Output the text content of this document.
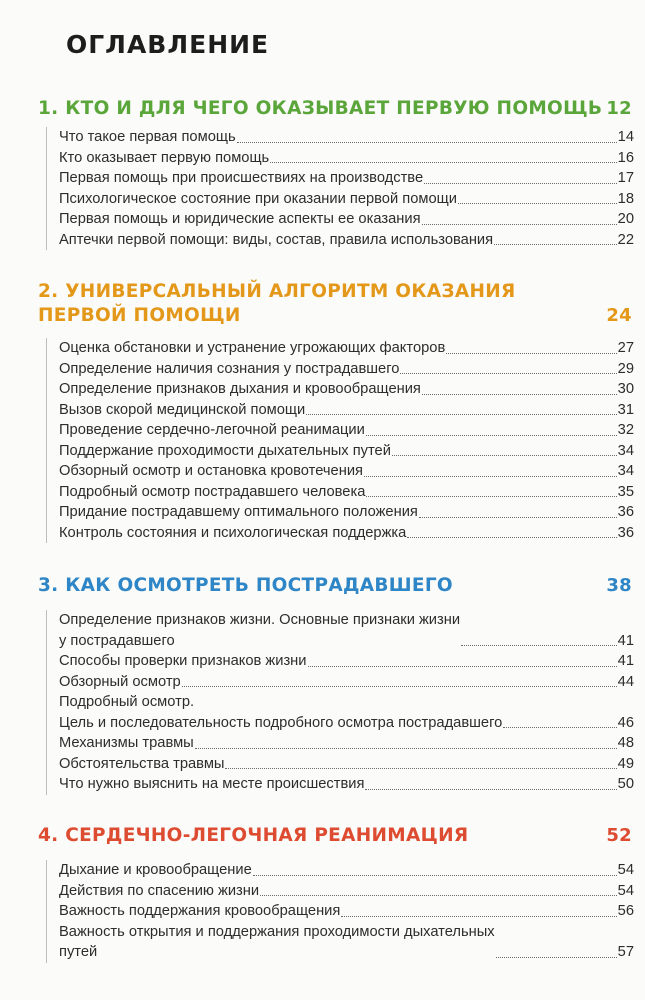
ОГЛАВЛЕНИЕ
1. КТО И ДЛЯ ЧЕГО ОКАЗЫВАЕТ ПЕРВУЮ ПОМОЩЬ 12
Что такое первая помощь	14
Кто оказывает первую помощь	16
Первая помощь при происшествиях на производстве	17
Психологическое состояние при оказании первой помощи	18
Первая помощь и юридические аспекты ее оказания	20
Аптечки первой помощи: виды, состав, правила использования	22
2. УНИВЕРСАЛЬНЫЙ АЛГОРИТМ ОКАЗАНИЯ
ПЕРВОЙ ПОМОЩИ	24
Оценка обстановки и устранение угрожающих факторов	27
Определение наличия сознания у пострадавшего	29
Определение признаков дыхания и кровообращения	30
Вызов скорой медицинской помощи	31
Проведение сердечно-легочной реанимации	32
Поддержание проходимости дыхательных путей	34
Обзорный осмотр и остановка кровотечения	34
Подробный осмотр пострадавшего человека	35
Придание пострадавшему оптимального положения	36
Контроль состояния и психологическая поддержка	36
3. КАК ОСМОТРЕТЬ ПОСТРАДАВШЕГО	38
Определение признаков жизни. Основные признаки жизни
у пострадавшего	41
Способы проверки признаков жизни	41
Обзорный осмотр	44
Подробный осмотр.
Цель и последовательность подробного осмотра пострадавшего	46
Механизмы травмы	48
Обстоятельства травмы	49
Что нужно выяснить на месте происшествия	50
4. СЕРДЕЧНО-ЛЕГОЧНАЯ РЕАНИМАЦИЯ	52
Дыхание и кровообращение	54
Действия по спасению жизни	54
Важность поддержания кровообращения	56
Важность открытия и поддержания проходимости дыхательных
путей	57
